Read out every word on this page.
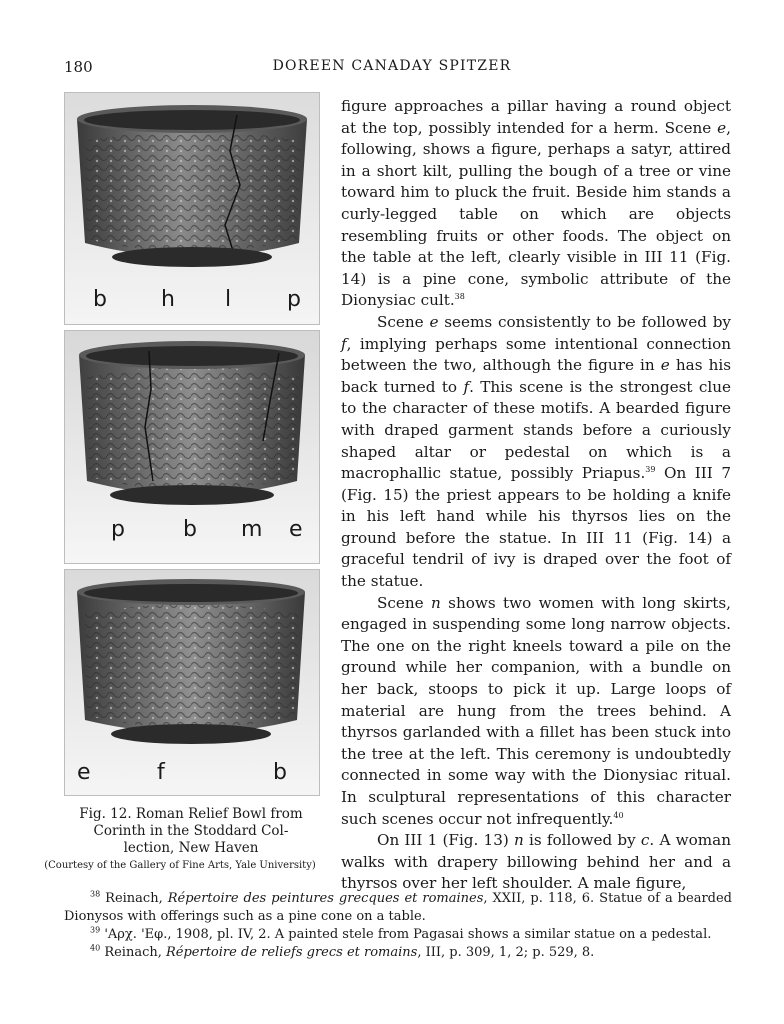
180	DOREEN CANADAY SPITZER
b h l	p
p	b m e
e	f	b
Fig. 12. Roman Relief Bowl from
Corinth in the Stoddard Col-
lection, New Haven
(Courtesy of the Gallery of Fine Arts, Yale University)

figure approaches a pillar having a round object at the top, possibly intended for a herm. Scene e, following, shows a figure, perhaps a satyr, attired in a short kilt, pulling the bough of a tree or vine toward him to pluck the fruit. Beside him stands a curly-legged table on which are objects resembling fruits or other foods. The object on the table at the left, clearly visible in III 11 (Fig. 14) is a pine cone, symbolic attribute of the Dionysiac cult.$^{38}$

Scene e seems consistently to be followed by f, implying perhaps some intentional connection between the two, although the figure in e has his back turned to f. This scene is the strongest clue to the character of these motifs. A bearded figure with draped garment stands before a curiously shaped altar or pedestal on which is a macrophallic statue, possibly Priapus.$^{39}$ On III 7 (Fig. 15) the priest appears to be holding a knife in his left hand while his thyrsos lies on the ground before the statue. In III 11 (Fig. 14) a graceful tendril of ivy is draped over the foot of the statue.

Scene n shows two women with long skirts, engaged in suspending some long narrow objects. The one on the right kneels toward a pile on the ground while her companion, with a bundle on her back, stoops to pick it up. Large loops of material are hung from the trees behind. A thyrsos garlanded with a fillet has been stuck into the tree at the left. This ceremony is undoubtedly connected in some way with the Dionysiac ritual. In sculptural representations of this character such scenes occur not infrequently.$^{40}$

On III 1 (Fig. 13) n is followed by c. A woman walks with drapery billowing behind her and a thyrsos over her left shoulder. A male figure,

$^{38}$ Reinach, Répertoire des peintures grecques et romaines, XXII, p. 118, 6. Statue of a bearded Dionysos with offerings such as a pine cone on a table.

$^{39}$ 'Αρχ. 'Εφ., 1908, pl. IV, 2. A painted stele from Pagasai shows a similar statue on a pedestal.

$^{40}$ Reinach, Répertoire de reliefs grecs et romains, III, p. 309, 1, 2; p. 529, 8.
